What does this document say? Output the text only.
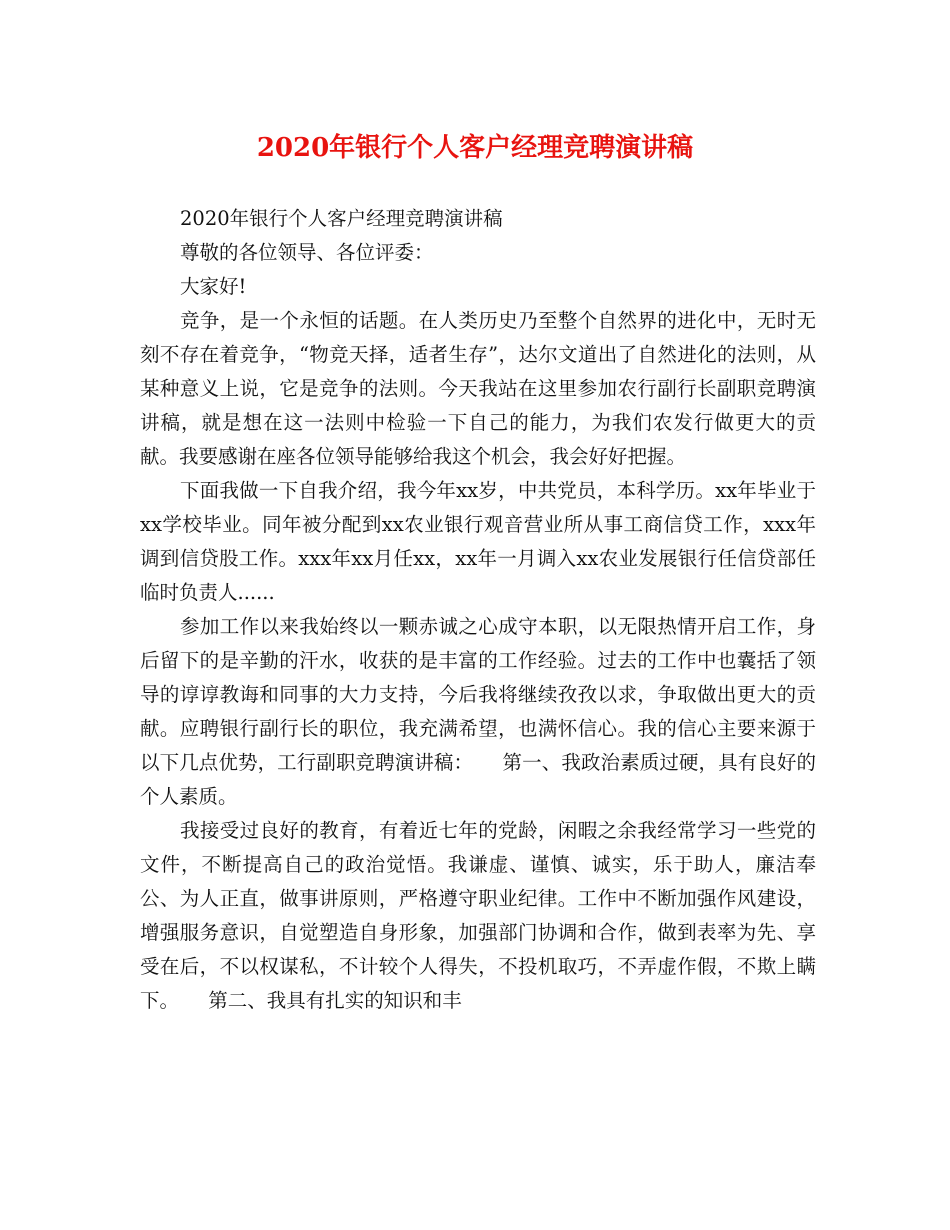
2020年银行个人客户经理竞聘演讲稿

2020年银行个人客户经理竞聘演讲稿

尊敬的各位领导、各位评委：

大家好!

竞争，是一个永恒的话题。在人类历史乃至整个自然界的进化中，无时无刻不存在着竞争，“物竞天择，适者生存”，达尔文道出了自然进化的法则，从某种意义上说，它是竞争的法则。今天我站在这里参加农行副行长副职竞聘演讲稿，就是想在这一法则中检验一下自己的能力，为我们农发行做更大的贡献。我要感谢在座各位领导能够给我这个机会，我会好好把握。

下面我做一下自我介绍，我今年xx岁，中共党员，本科学历。xx年毕业于xx学校毕业。同年被分配到xx农业银行观音营业所从事工商信贷工作，xxx年调到信贷股工作。xxx年xx月任xx，xx年一月调入xx农业发展银行任信贷部任临时负责人......

参加工作以来我始终以一颗赤诚之心成守本职，以无限热情开启工作，身后留下的是辛勤的汗水，收获的是丰富的工作经验。过去的工作中也囊括了领导的谆谆教诲和同事的大力支持，今后我将继续孜孜以求，争取做出更大的贡献。应聘银行副行长的职位，我充满希望，也满怀信心。我的信心主要来源于以下几点优势，工行副职竞聘演讲稿：　　第一、我政治素质过硬，具有良好的个人素质。

我接受过良好的教育，有着近七年的党龄，闲暇之余我经常学习一些党的文件，不断提高自己的政治觉悟。我谦虚、谨慎、诚实，乐于助人，廉洁奉公、为人正直，做事讲原则，严格遵守职业纪律。工作中不断加强作风建设，增强服务意识，自觉塑造自身形象，加强部门协调和合作，做到表率为先、享受在后，不以权谋私，不计较个人得失，不投机取巧，不弄虚作假，不欺上瞒下。　　第二、我具有扎实的知识和丰
